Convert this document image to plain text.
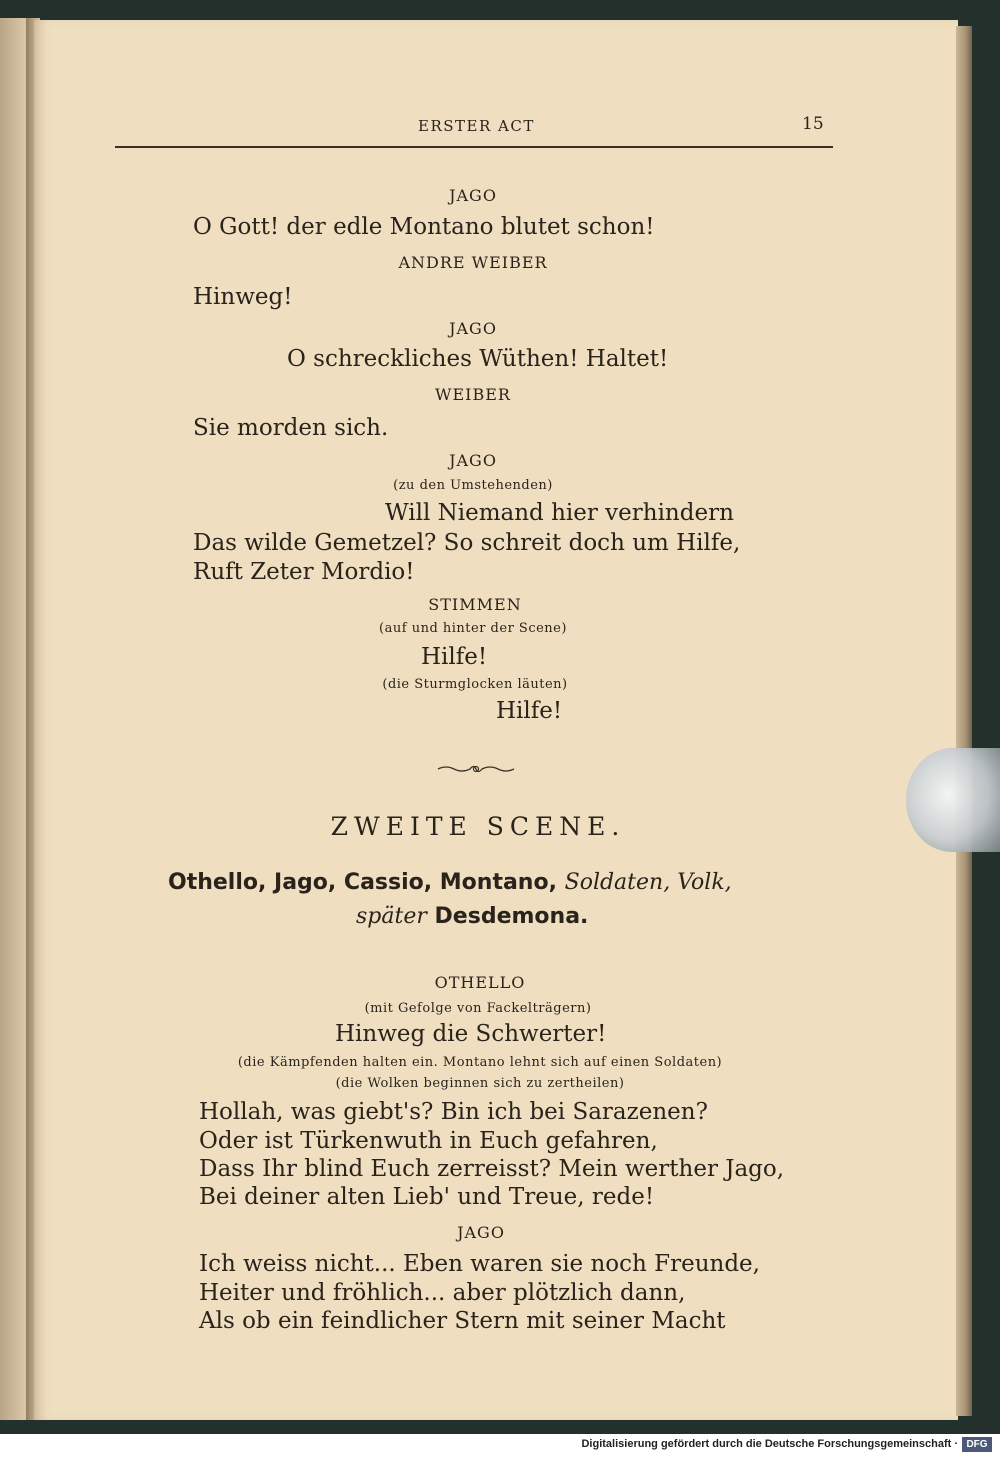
ERSTER ACT	15
JAGO
O Gott! der edle Montano blutet schon!
ANDRE WEIBER
Hinweg!
JAGO
O schreckliches Wüthen! Haltet!
WEIBER
Sie morden sich.
JAGO
(zu den Umstehenden)
Will Niemand hier verhindern
Das wilde Gemetzel? So schreit doch um Hilfe,
Ruft Zeter Mordio!
STIMMEN
(auf und hinter der Scene)
Hilfe!
(die Sturmglocken läuten)
Hilfe!
ZWEITE SCENE.
Othello, Jago, Cassio, Montano, Soldaten, Volk,
später Desdemona.
OTHELLO
(mit Gefolge von Fackelträgern)
Hinweg die Schwerter!
(die Kämpfenden halten ein. Montano lehnt sich auf einen Soldaten)
(die Wolken beginnen sich zu zertheilen)
Hollah, was giebt's? Bin ich bei Sarazenen?
Oder ist Türkenwuth in Euch gefahren,
Dass Ihr blind Euch zerreisst? Mein werther Jago,
Bei deiner alten Lieb' und Treue, rede!
JAGO
Ich weiss nicht... Eben waren sie noch Freunde,
Heiter und fröhlich... aber plötzlich dann,
Als ob ein feindlicher Stern mit seiner Macht
Digitalisierung gefördert durch die Deutsche Forschungsgemeinschaft · DFG
